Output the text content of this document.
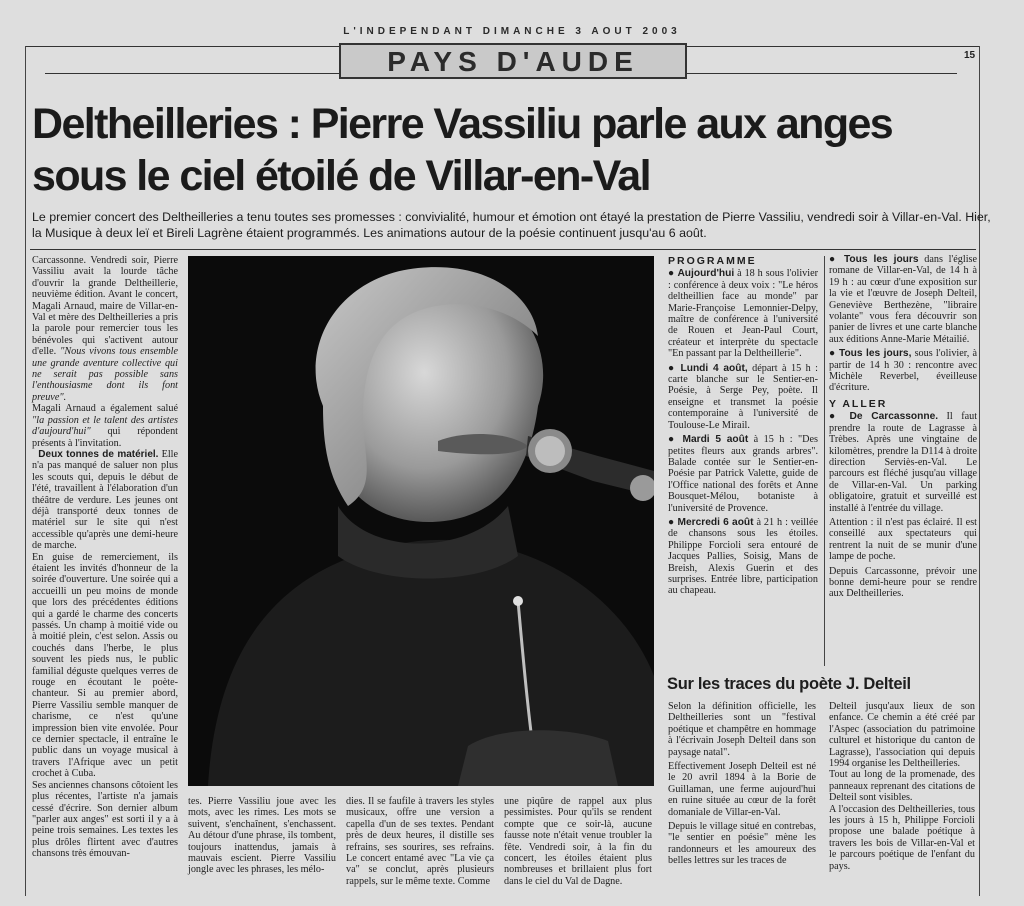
L'INDEPENDANT DIMANCHE 3 AOUT 2003
15
PAYS D'AUDE
Deltheilleries : Pierre Vassiliu parle aux anges sous le ciel étoilé de Villar-en-Val

Le premier concert des Deltheilleries a tenu toutes ses promesses : convivialité, humour et émotion ont étayé la prestation de Pierre Vassiliu, vendredi soir à Villar-en-Val. Hier, la Musique à deux leï et Bireli Lagrène étaient programmés. Les animations autour de la poésie continuent jusqu'au 6 août.

Carcassonne. Vendredi soir, Pierre Vassiliu avait la lourde tâche d'ouvrir la grande Deltheillerie, neuvième édition. Avant le concert, Magali Arnaud, maire de Villar-en-Val et mère des Deltheilleries a pris la parole pour remercier tous les bénévoles qui s'activent autour d'elle. "Nous vivons tous ensemble une grande aventure collective qui ne serait pas possible sans l'enthousiasme dont ils font preuve".

Magali Arnaud a également salué "la passion et le talent des artistes d'aujourd'hui" qui répondent présents à l'invitation.

Deux tonnes de matériel. Elle n'a pas manqué de saluer non plus les scouts qui, depuis le début de l'été, travaillent à l'élaboration d'un théâtre de verdure. Les jeunes ont déjà transporté deux tonnes de matériel sur le site qui n'est accessible qu'après une demi-heure de marche.

En guise de remerciement, ils étaient les invités d'honneur de la soirée d'ouverture. Une soirée qui a accueilli un peu moins de monde que lors des précédentes éditions qui a gardé le charme des concerts passés. Un champ à moitié vide ou à moitié plein, c'est selon. Assis ou couchés dans l'herbe, le plus souvent les pieds nus, le public familial déguste quelques verres de rouge en écoutant le poète-chanteur. Si au premier abord, Pierre Vassiliu semble manquer de charisme, ce n'est qu'une impression bien vite envolée. Pour ce dernier spectacle, il entraîne le public dans un voyage musical à travers l'Afrique avec un petit crochet à Cuba.

Ses anciennes chansons côtoient les plus récentes, l'artiste n'a jamais cessé d'écrire. Son dernier album "parler aux anges" est sorti il y a à peine trois semaines. Les textes les plus drôles flirtent avec d'autres chansons très émouvan-

tes. Pierre Vassiliu joue avec les mots, avec les rimes. Les mots se suivent, s'enchaînent, s'enchassent. Au détour d'une phrase, ils tombent, toujours inattendus, jamais à mauvais escient. Pierre Vassiliu jongle avec les phrases, les mélo-
dies. Il se faufile à travers les styles musicaux, offre une version a capella d'un de ses textes. Pendant près de deux heures, il distille ses refrains, ses sourires, ses refrains. Le concert entamé avec "La vie ça va" se conclut, après plusieurs rappels, sur le même texte. Comme
une piqûre de rappel aux plus pessimistes. Pour qu'ils se rendent compte que ce soir-là, aucune fausse note n'était venue troubler la fête. Vendredi soir, à la fin du concert, les étoiles étaient plus nombreuses et brillaient plus fort dans le ciel du Val de Dagne.
PROGRAMME

● Aujourd'hui à 18 h sous l'olivier : conférence à deux voix : "Le héros deltheillien face au monde" par Marie-Françoise Lemonnier-Delpy, maître de conférence à l'université de Rouen et Jean-Paul Court, créateur et interprète du spectacle "En passant par la Deltheillerie".

● Lundi 4 août, départ à 15 h : carte blanche sur le Sentier-en-Poésie, à Serge Pey, poète. Il enseigne et transmet la poésie contemporaine à l'université de Toulouse-Le Mirail.

● Mardi 5 août à 15 h : "Des petites fleurs aux grands arbres". Balade contée sur le Sentier-en-Poésie par Patrick Valette, guide de l'Office national des forêts et Anne Bousquet-Mélou, botaniste à l'université de Provence.

● Mercredi 6 août à 21 h : veillée de chansons sous les étoiles. Philippe Forcioli sera entouré de Jacques Pallies, Soisig, Mans de Breish, Alexis Guerin et des surprises. Entrée libre, participation au chapeau.

● Tous les jours dans l'église romane de Villar-en-Val, de 14 h à 19 h : au cœur d'une exposition sur la vie et l'œuvre de Joseph Delteil, Geneviève Berthezène, "libraire volante" vous fera découvrir son panier de livres et une carte blanche aux éditions Anne-Marie Métailié.

● Tous les jours, sous l'olivier, à partir de 14 h 30 : rencontre avec Michèle Reverbel, éveilleuse d'écriture.

Y ALLER

● De Carcassonne. Il faut prendre la route de Lagrasse à Trèbes. Après une vingtaine de kilomètres, prendre la D114 à droite direction Serviès-en-Val. Le parcours est fléché jusqu'au village de Villar-en-Val. Un parking obligatoire, gratuit et surveillé est installé à l'entrée du village.

Attention : il n'est pas éclairé. Il est conseillé aux spectateurs qui rentrent la nuit de se munir d'une lampe de poche.

Depuis Carcassonne, prévoir une bonne demi-heure pour se rendre aux Deltheilleries.

Sur les traces du poète J. Delteil

Selon la définition officielle, les Deltheilleries sont un "festival poétique et champêtre en hommage à l'écrivain Joseph Delteil dans son paysage natal".

Effectivement Joseph Delteil est né le 20 avril 1894 à la Borie de Guillaman, une ferme aujourd'hui en ruine située au cœur de la forêt domaniale de Villar-en-Val.

Depuis le village situé en contrebas, "le sentier en poésie" mène les randonneurs et les amoureux des belles lettres sur les traces de

Delteil jusqu'aux lieux de son enfance. Ce chemin a été créé par l'Aspec (association du patrimoine culturel et historique du canton de Lagrasse), l'association qui depuis 1994 organise les Deltheilleries.

Tout au long de la promenade, des panneaux reprenant des citations de Delteil sont visibles.

A l'occasion des Deltheilleries, tous les jours à 15 h, Philippe Forcioli propose une balade poétique à travers les bois de Villar-en-Val et le parcours poétique de l'enfant du pays.
